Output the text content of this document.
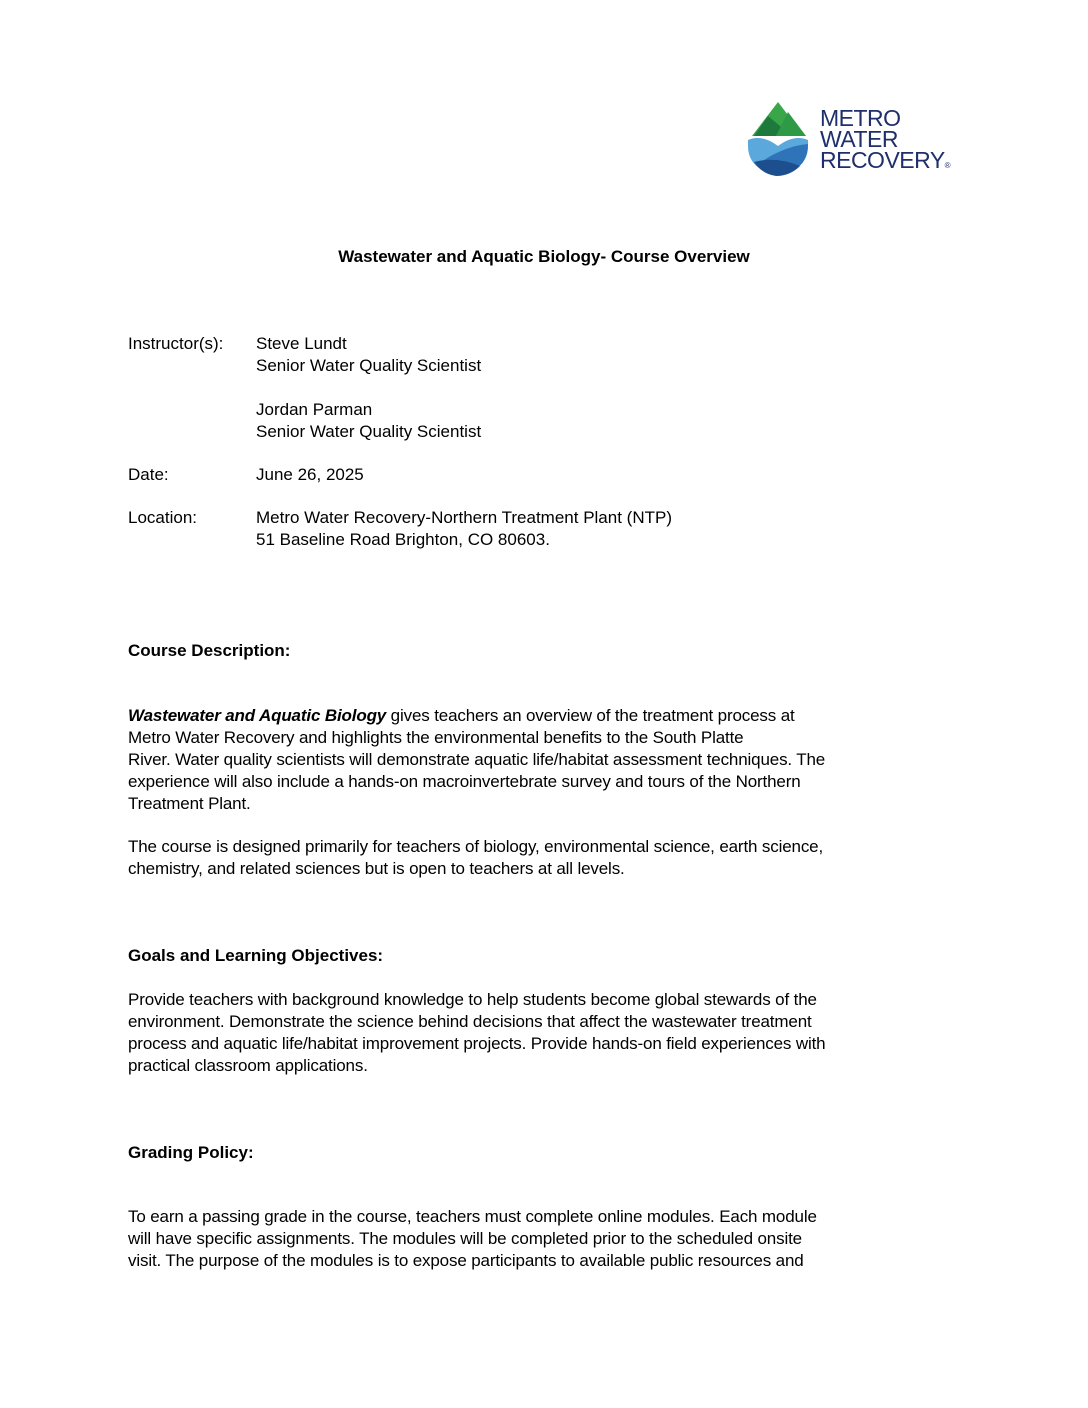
METRO
WATER
RECOVERY®
Wastewater and Aquatic Biology- Course Overview
Instructor(s):	Steve Lundt
Senior Water Quality Scientist
Jordan Parman
Senior Water Quality Scientist
Date:	June 26, 2025
Location:	Metro Water Recovery-Northern Treatment Plant (NTP)
51 Baseline Road Brighton, CO 80603.
Course Description:
Wastewater and Aquatic Biology gives teachers an overview of the treatment process at
Metro Water Recovery and highlights the environmental benefits to the South Platte
River. Water quality scientists will demonstrate aquatic life/habitat assessment techniques. The
experience will also include a hands-on macroinvertebrate survey and tours of the Northern
Treatment Plant.
The course is designed primarily for teachers of biology, environmental science, earth science,
chemistry, and related sciences but is open to teachers at all levels.
Goals and Learning Objectives:
Provide teachers with background knowledge to help students become global stewards of the
environment. Demonstrate the science behind decisions that affect the wastewater treatment
process and aquatic life/habitat improvement projects. Provide hands-on field experiences with
practical classroom applications.
Grading Policy:
To earn a passing grade in the course, teachers must complete online modules. Each module
will have specific assignments. The modules will be completed prior to the scheduled onsite
visit. The purpose of the modules is to expose participants to available public resources and
